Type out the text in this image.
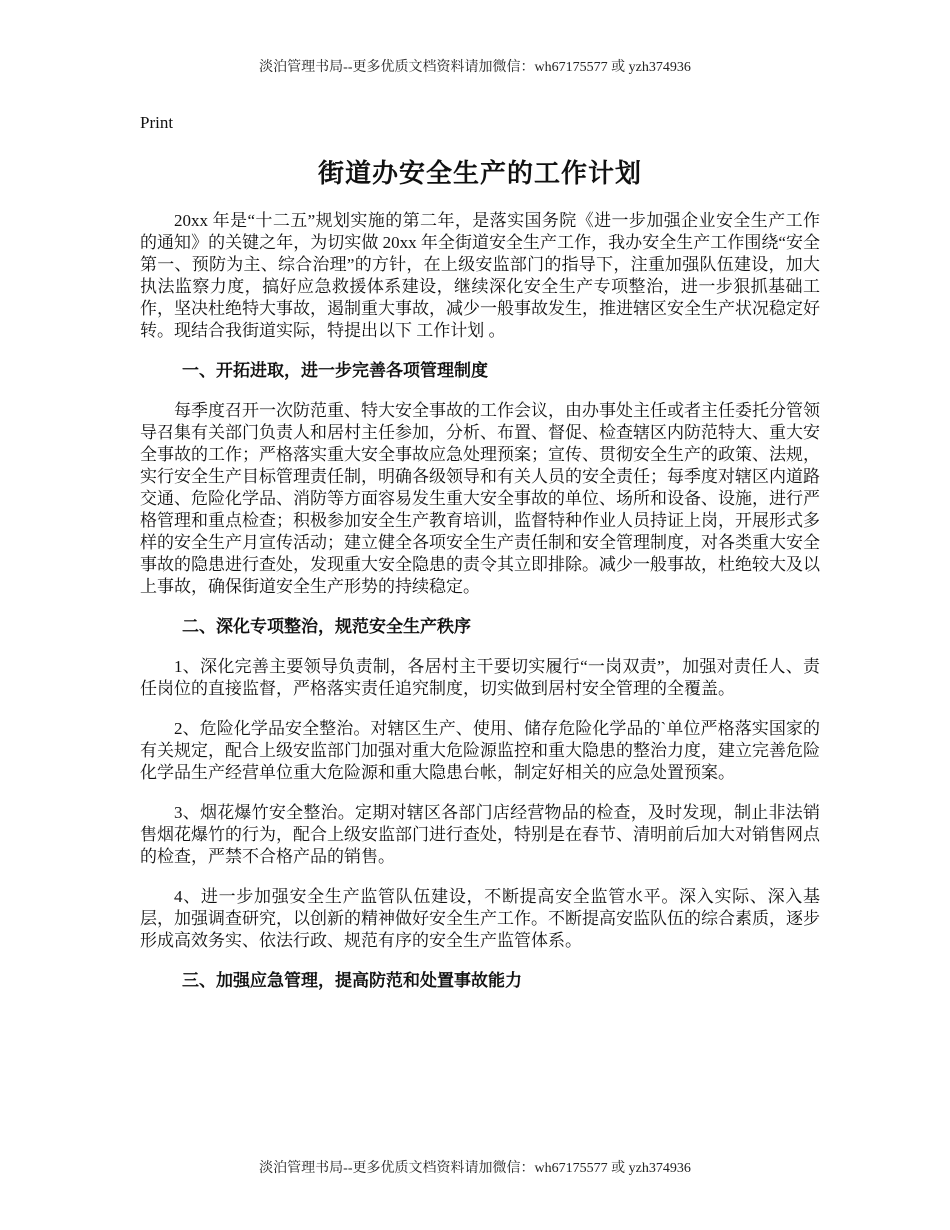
淡泊管理书局--更多优质文档资料请加微信：wh67175577 或 yzh374936
Print
街道办安全生产的工作计划

20xx 年是“十二五”规划实施的第二年，是落实国务院《进一步加强企业安全生产工作的通知》的关键之年，为切实做 20xx 年全街道安全生产工作，我办安全生产工作围绕“安全第一、预防为主、综合治理”的方针，在上级安监部门的指导下，注重加强队伍建设，加大执法监察力度，搞好应急救援体系建设，继续深化安全生产专项整治，进一步狠抓基础工作，坚决杜绝特大事故，遏制重大事故，减少一般事故发生，推进辖区安全生产状况稳定好转。现结合我街道实际，特提出以下 工作计划 。

一、开拓进取，进一步完善各项管理制度

每季度召开一次防范重、特大安全事故的工作会议，由办事处主任或者主任委托分管领导召集有关部门负责人和居村主任参加，分析、布置、督促、检查辖区内防范特大、重大安全事故的工作；严格落实重大安全事故应急处理预案；宣传、贯彻安全生产的政策、法规，实行安全生产目标管理责任制，明确各级领导和有关人员的安全责任；每季度对辖区内道路交通、危险化学品、消防等方面容易发生重大安全事故的单位、场所和设备、设施，进行严格管理和重点检查；积极参加安全生产教育培训，监督特种作业人员持证上岗，开展形式多样的安全生产月宣传活动；建立健全各项安全生产责任制和安全管理制度，对各类重大安全事故的隐患进行查处，发现重大安全隐患的责令其立即排除。减少一般事故，杜绝较大及以上事故，确保街道安全生产形势的持续稳定。

二、深化专项整治，规范安全生产秩序

1、深化完善主要领导负责制，各居村主干要切实履行“一岗双责”，加强对责任人、责任岗位的直接监督，严格落实责任追究制度，切实做到居村安全管理的全覆盖。

2、危险化学品安全整治。对辖区生产、使用、储存危险化学品的`单位严格落实国家的有关规定，配合上级安监部门加强对重大危险源监控和重大隐患的整治力度，建立完善危险化学品生产经营单位重大危险源和重大隐患台帐，制定好相关的应急处置预案。

3、烟花爆竹安全整治。定期对辖区各部门店经营物品的检查，及时发现，制止非法销售烟花爆竹的行为，配合上级安监部门进行查处，特别是在春节、清明前后加大对销售网点的检查，严禁不合格产品的销售。

4、进一步加强安全生产监管队伍建设，不断提高安全监管水平。深入实际、深入基层，加强调查研究，以创新的精神做好安全生产工作。不断提高安监队伍的综合素质，逐步形成高效务实、依法行政、规范有序的安全生产监管体系。

三、加强应急管理，提高防范和处置事故能力
淡泊管理书局--更多优质文档资料请加微信：wh67175577 或 yzh374936
